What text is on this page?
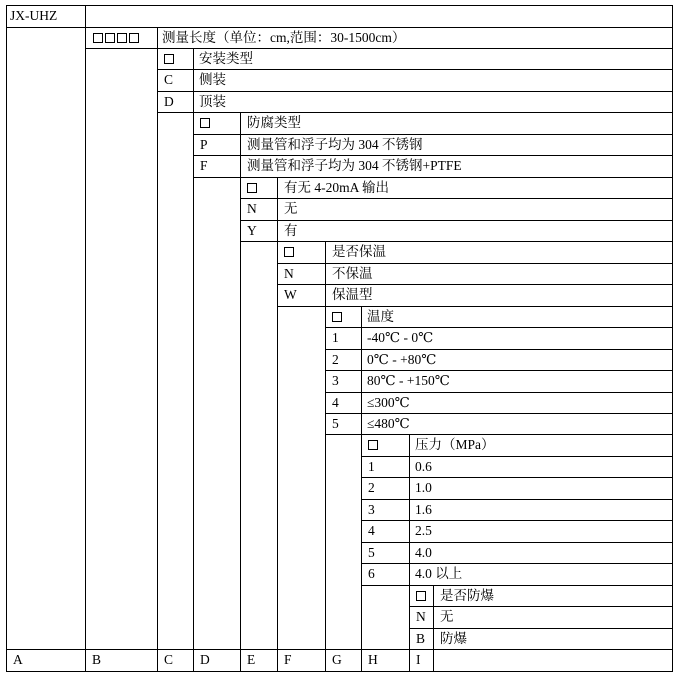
JX-UHZ
测量长度（单位：cm,范围：30-1500cm）
安装类型
C 侧装
D 顶装
防腐类型
P	测量管和浮子均为 304 不锈钢
F	测量管和浮子均为 304 不锈钢+PTFE
有无 4-20mA 输出
N 无
Y 有
是否保温
N	不保温
W	保温型
温度
1 -40℃ - 0℃
2 0℃ - +80℃
3 80℃ - +150℃
4 ≤300℃
5 ≤480℃
压力（MPa）
1	0.6
2	1.0
3	1.6
4	2.5
5	4.0
6	4.0 以上
是否防爆
N 无
B 防爆
A	B	C D	E F	G H	I
